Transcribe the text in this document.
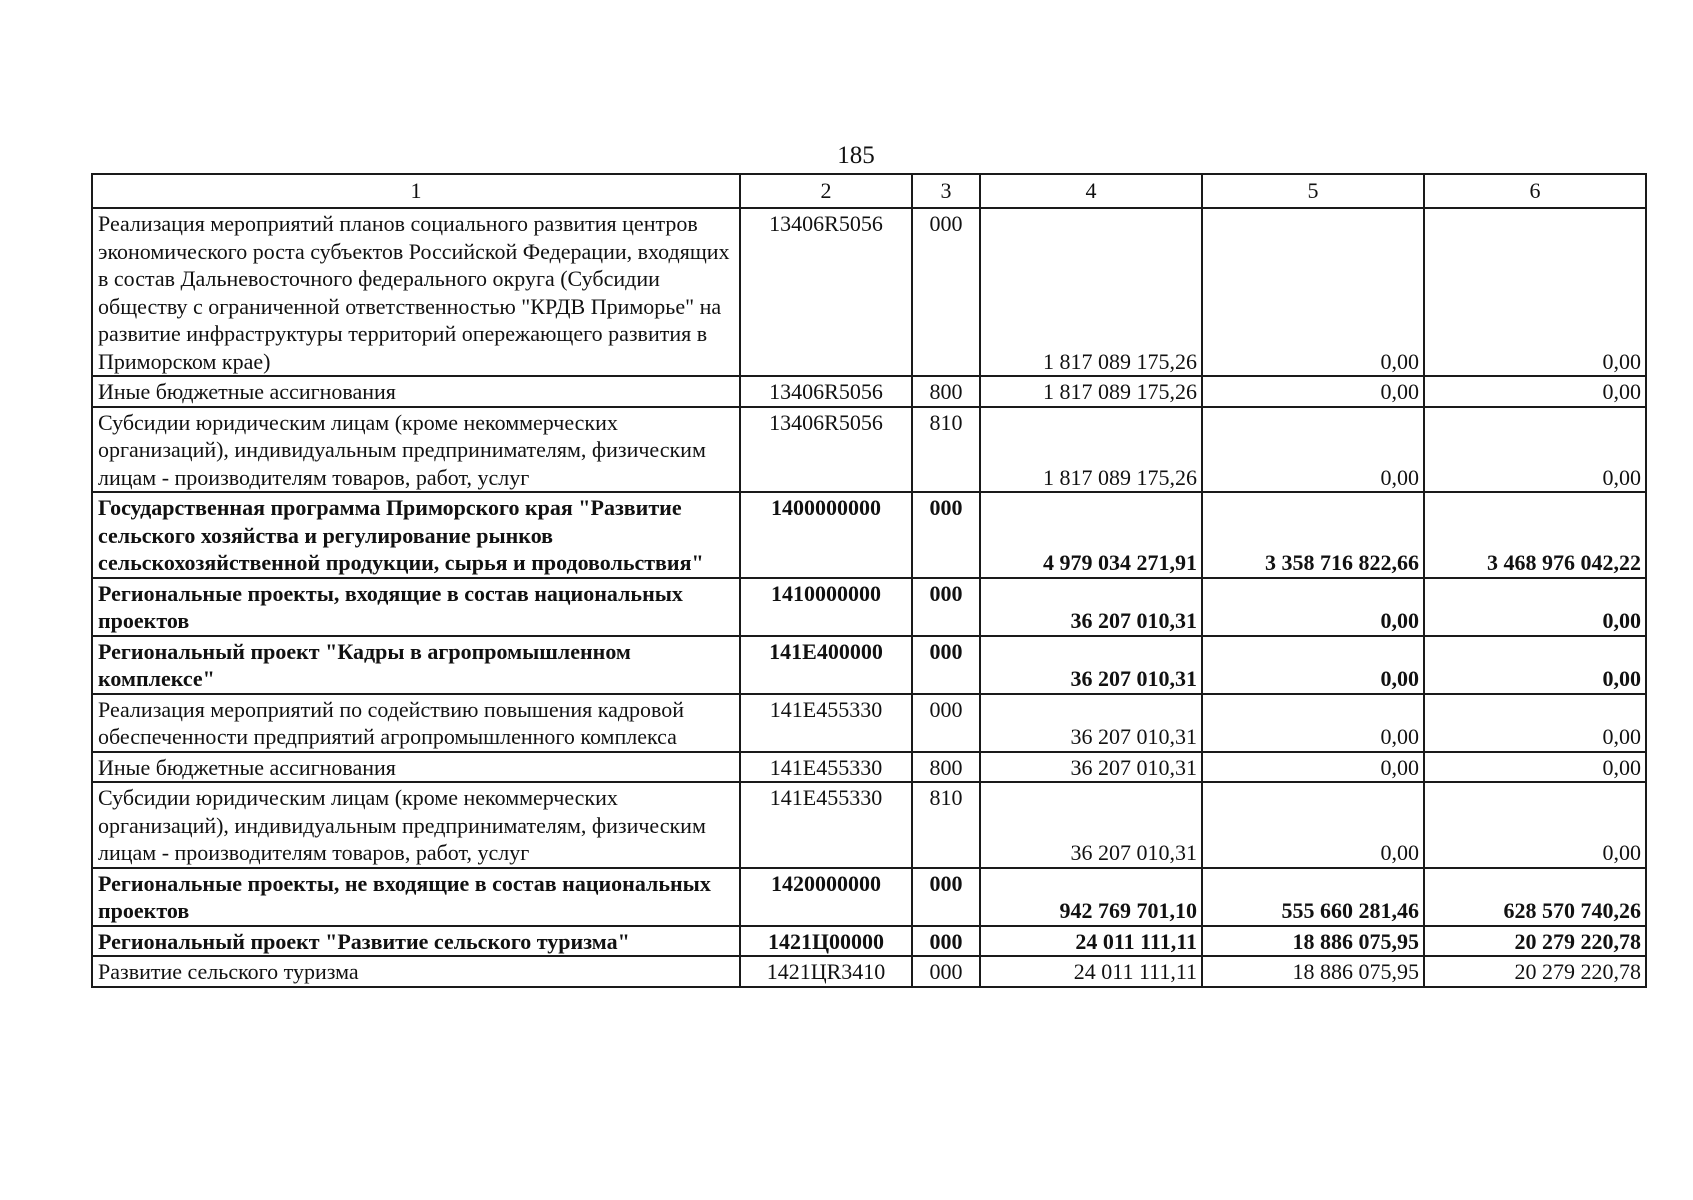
185
1	2	3	4	5	6
Реализация мероприятий планов социального развития центров экономического роста субъектов Российской Федерации, входящих в состав Дальневосточного федерального округа (Субсидии обществу с ограниченной ответственностью "КРДВ Приморье" на развитие инфраструктуры территорий опережающего развития в Приморском крае)	13406R5056	000	1 817 089 175,26	0,00	0,00
Иные бюджетные ассигнования	13406R5056	800	1 817 089 175,26	0,00	0,00
Субсидии юридическим лицам (кроме некоммерческих организаций), индивидуальным предпринимателям, физическим лицам - производителям товаров, работ, услуг	13406R5056	810	1 817 089 175,26	0,00	0,00
Государственная программа Приморского края "Развитие сельского хозяйства и регулирование рынков сельскохозяйственной продукции, сырья и продовольствия"	1400000000	000	4 979 034 271,91	3 358 716 822,66	3 468 976 042,22
Региональные проекты, входящие в состав национальных проектов	1410000000	000	36 207 010,31	0,00	0,00
Региональный проект "Кадры в агропромышленном комплексе"	141E400000	000	36 207 010,31	0,00	0,00
Реализация мероприятий по содействию повышения кадровой обеспеченности предприятий агропромышленного комплекса	141E455330	000	36 207 010,31	0,00	0,00
Иные бюджетные ассигнования	141E455330	800	36 207 010,31	0,00	0,00
Субсидии юридическим лицам (кроме некоммерческих организаций), индивидуальным предпринимателям, физическим лицам - производителям товаров, работ, услуг	141E455330	810	36 207 010,31	0,00	0,00
Региональные проекты, не входящие в состав национальных проектов	1420000000	000	942 769 701,10	555 660 281,46	628 570 740,26
Региональный проект "Развитие сельского туризма"	1421Ц00000	000	24 011 111,11	18 886 075,95	20 279 220,78
Развитие сельского туризма	1421ЦR3410	000	24 011 111,11	18 886 075,95	20 279 220,78
